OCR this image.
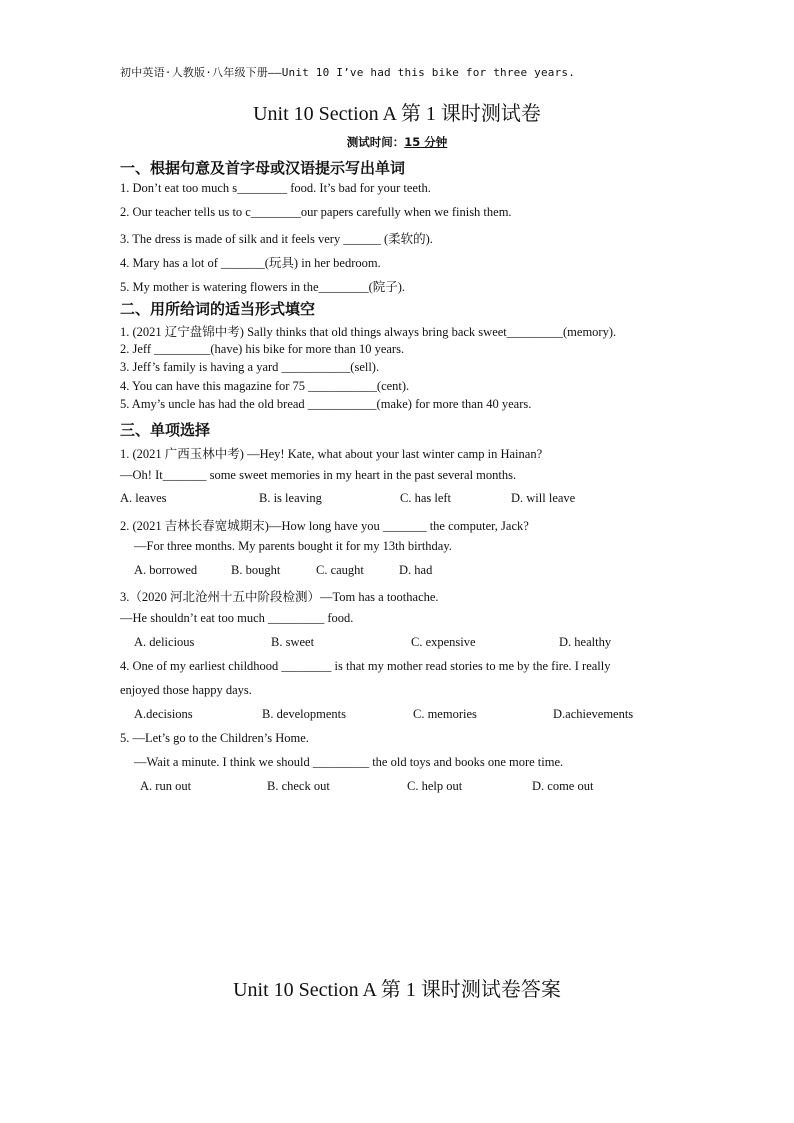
初中英语·人教版·八年级下册——Unit 10 I’ve had this bike for three years.
Unit 10 Section A 第 1 课时测试卷
测试时间：15 分钟
一、根据句意及首字母或汉语提示写出单词
1. Don’t eat too much s________ food. It’s bad for your teeth.
2. Our teacher tells us to c________our papers carefully when we finish them.
3. The dress is made of silk and it feels very ______ (柔软的).
4. Mary has a lot of _______(玩具) in her bedroom.
5. My mother is watering flowers in the________(院子).
二、用所给词的适当形式填空
1. (2021 辽宁盘锦中考) Sally thinks that old things always bring back sweet_________(memory).
2. Jeff _________(have) his bike for more than 10 years.
3. Jeff’s family is having a yard ___________(sell).
4. You can have this magazine for 75 ___________(cent).
5. Amy’s uncle has had the old bread ___________(make) for more than 40 years.
三、单项选择
1. (2021 广西玉林中考) —Hey! Kate, what about your last winter camp in Hainan?
—Oh! It_______ some sweet memories in my heart in the past several months.
A. leaves	B. is leaving	C. has left	D. will leave
2. (2021 吉林长春宽城期末)—How long have you _______ the computer, Jack?
—For three months. My parents bought it for my 13th birthday.
A. borrowed	B. bought	C. caught	D. had
3.（2020 河北沧州十五中阶段检测）—Tom has a toothache.
—He shouldn’t eat too much _________ food.
A. delicious	B. sweet	C. expensive	D. healthy
4. One of my earliest childhood ________ is that my mother read stories to me by the fire. I really
enjoyed those happy days.
A.decisions	B. developments	C. memories	D.achievements
5. —Let’s go to the Children’s Home.
—Wait a minute. I think we should _________ the old toys and books one more time.
A. run out	B. check out	C. help out	D. come out
Unit 10 Section A 第 1 课时测试卷答案
